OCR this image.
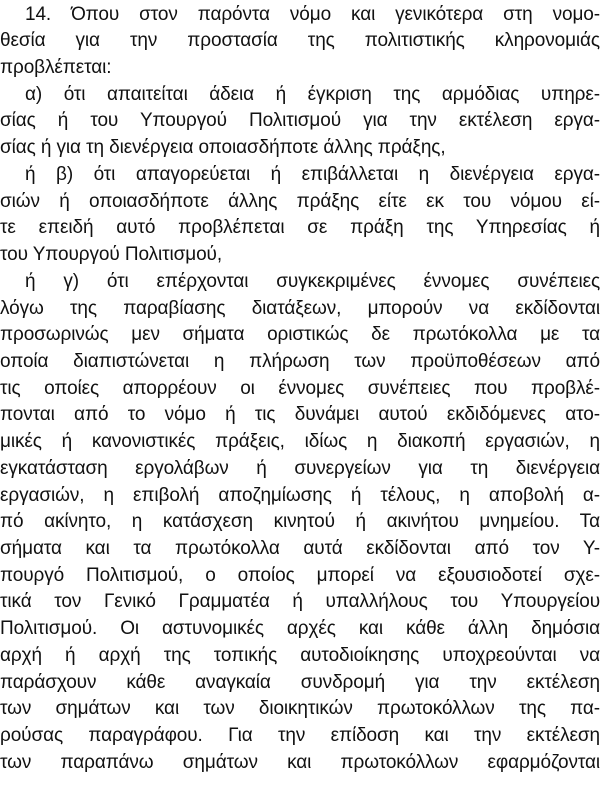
14. Όπου στον παρόντα νόμο και γενικότερα στη νομο-
θεσία για την προστασία της πολιτιστικής κληρονομιάς
προβλέπεται:
α) ότι απαιτείται άδεια ή έγκριση της αρμόδιας υπηρε-
σίας ή του Υπουργού Πολιτισμού για την εκτέλεση εργα-
σίας ή για τη διενέργεια οποιασδήποτε άλλης πράξης,
ή β) ότι απαγορεύεται ή επιβάλλεται η διενέργεια εργα-
σιών ή οποιασδήποτε άλλης πράξης είτε εκ του νόμου εί-
τε επειδή αυτό προβλέπεται σε πράξη της Υπηρεσίας ή
του Υπουργού Πολιτισμού,
ή γ) ότι επέρχονται συγκεκριμένες έννομες συνέπειες
λόγω της παραβίασης διατάξεων, μπορούν να εκδίδονται
προσωρινώς μεν σήματα οριστικώς δε πρωτόκολλα με τα
οποία διαπιστώνεται η πλήρωση των προϋποθέσεων από
τις οποίες απορρέουν οι έννομες συνέπειες που προβλέ-
πονται από το νόμο ή τις δυνάμει αυτού εκδιδόμενες ατο-
μικές ή κανονιστικές πράξεις, ιδίως η διακοπή εργασιών, η
εγκατάσταση εργολάβων ή συνεργείων για τη διενέργεια
εργασιών, η επιβολή αποζημίωσης ή τέλους, η αποβολή α-
πό ακίνητο, η κατάσχεση κινητού ή ακινήτου μνημείου. Τα
σήματα και τα πρωτόκολλα αυτά εκδίδονται από τον Υ-
πουργό Πολιτισμού, ο οποίος μπορεί να εξουσιοδοτεί σχε-
τικά τον Γενικό Γραμματέα ή υπαλλήλους του Υπουργείου
Πολιτισμού. Οι αστυνομικές αρχές και κάθε άλλη δημόσια
αρχή ή αρχή της τοπικής αυτοδιοίκησης υποχρεούνται να
παράσχουν κάθε αναγκαία συνδρομή για την εκτέλεση
των σημάτων και των διοικητικών πρωτοκόλλων της πα-
ρούσας παραγράφου. Για την επίδοση και την εκτέλεση
των παραπάνω σημάτων και πρωτοκόλλων εφαρμόζονται
